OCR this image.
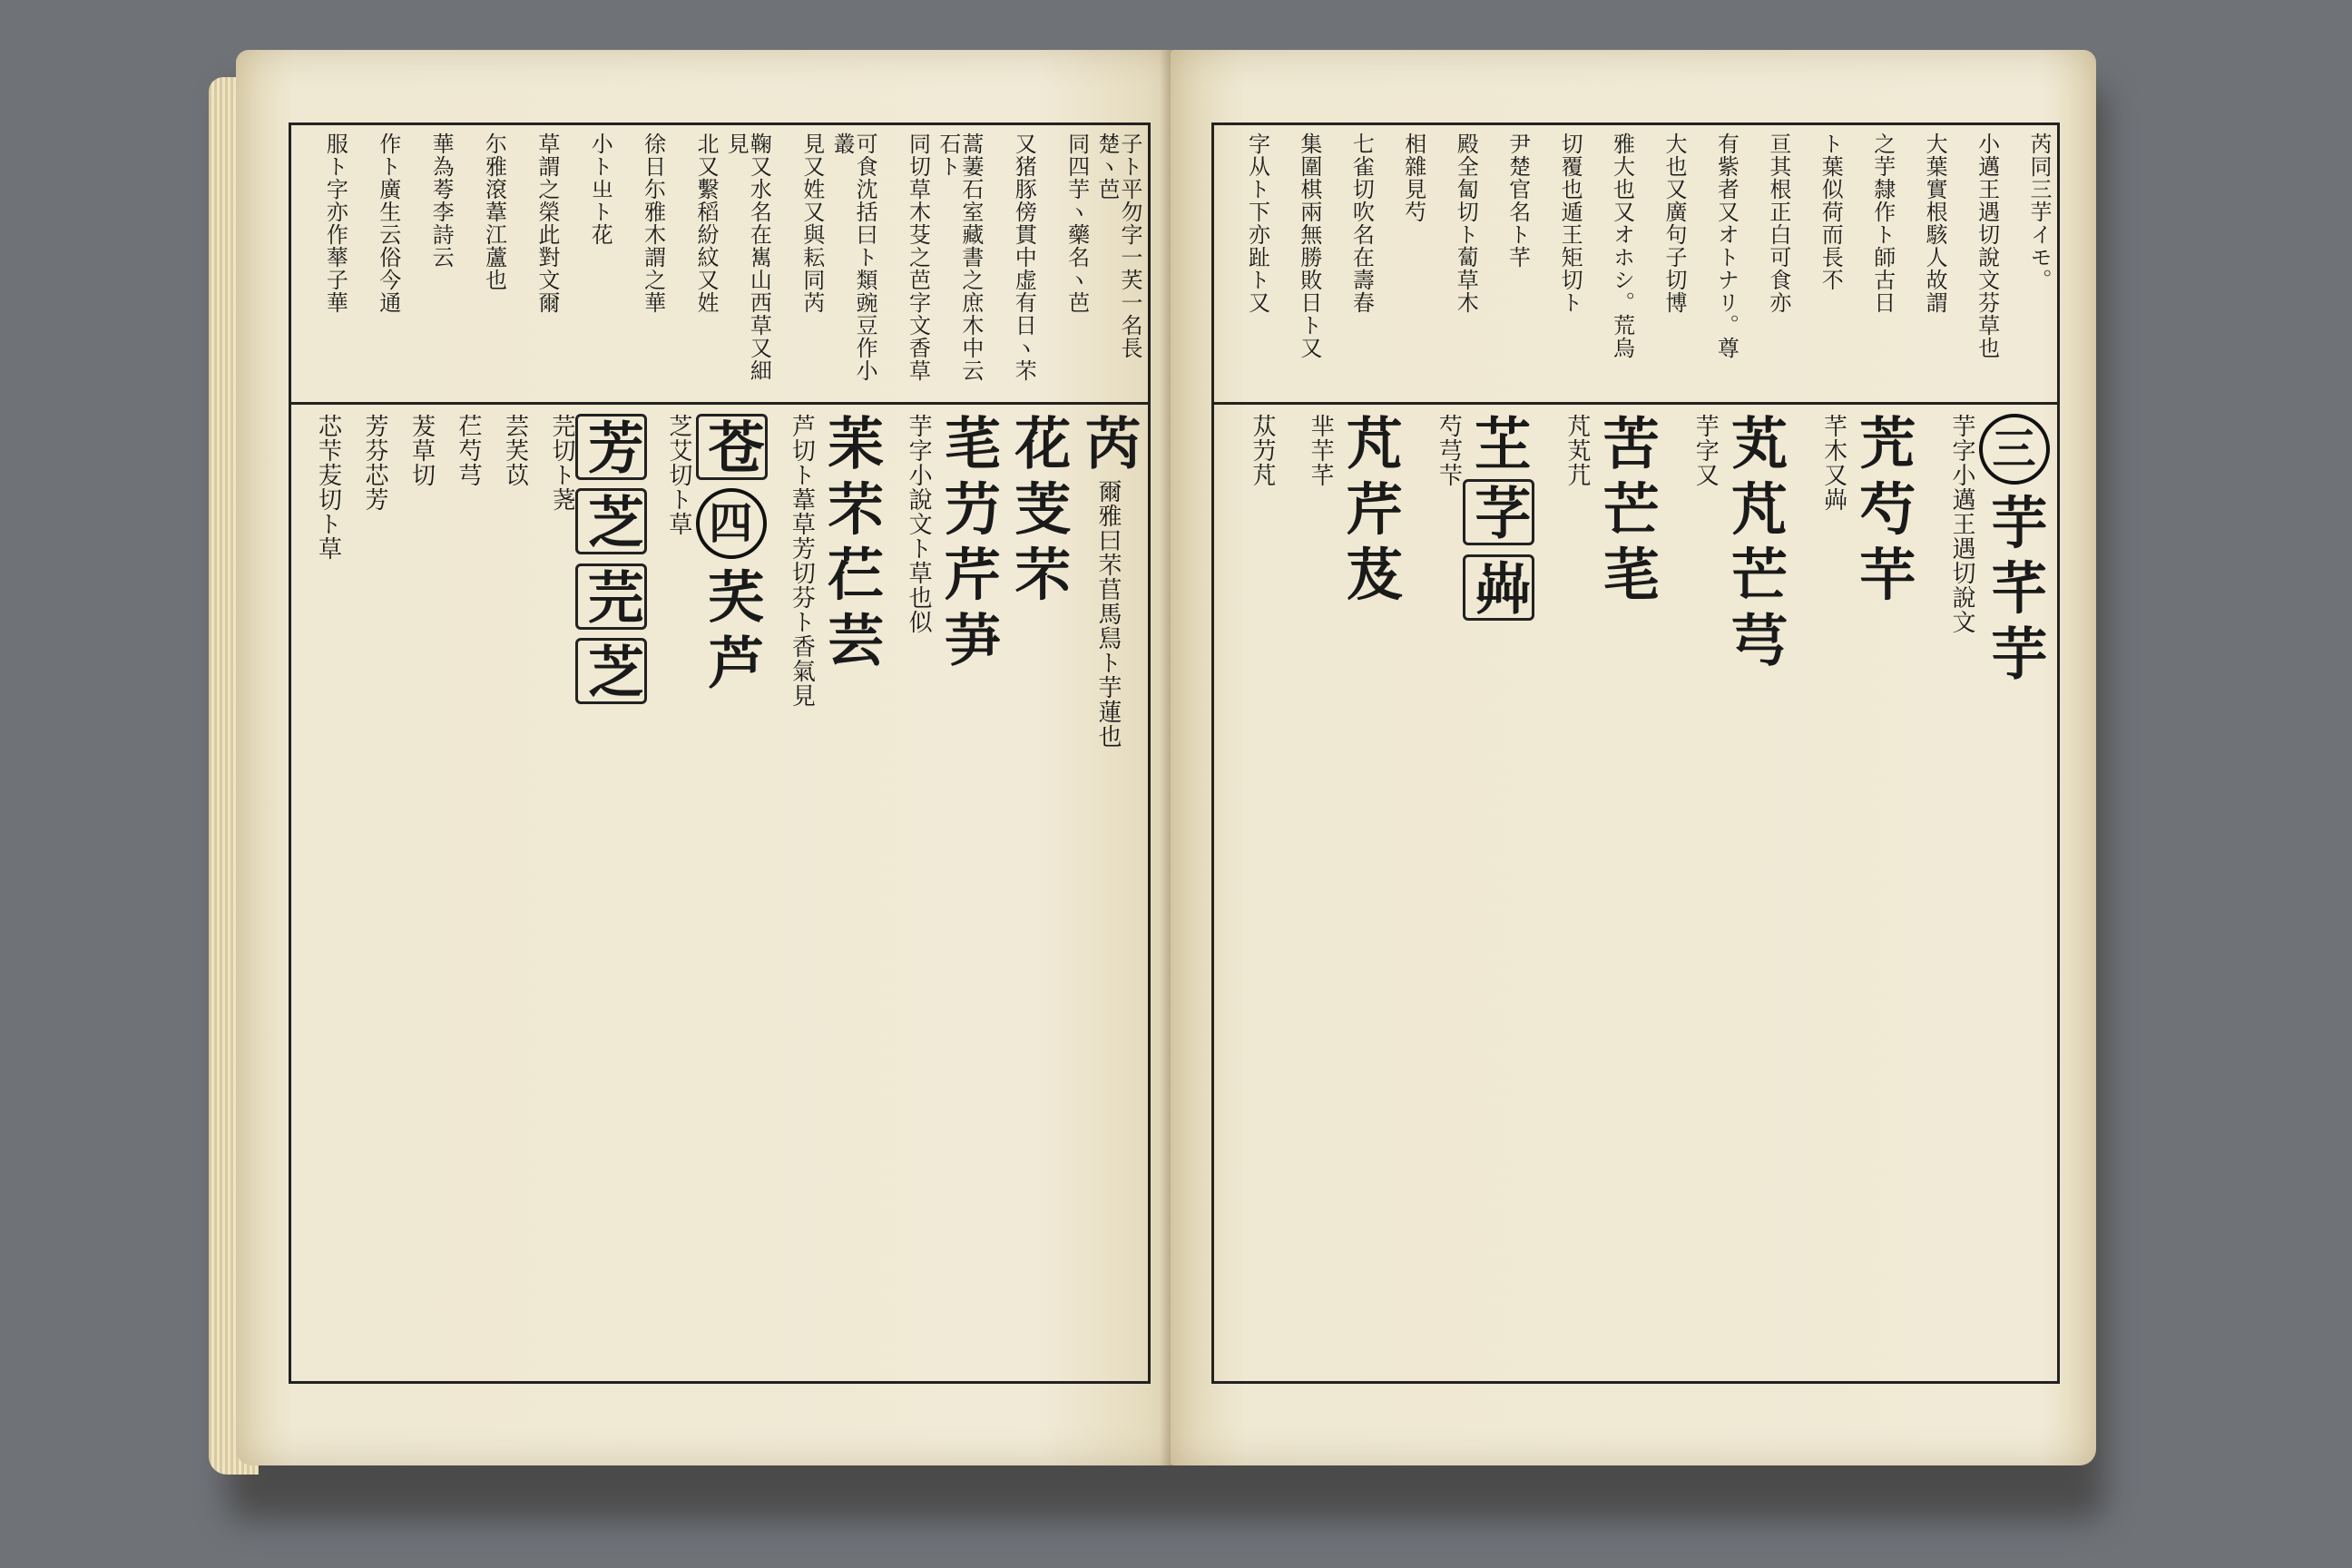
子ト平勿字一芺一名長楚ヽ芭
同四芋ヽ藥名ヽ芭
又猪豚傍貫中虚有日ヽ芣
蒿萋石室藏書之庶木中云石ト
同切草木芟之芭字文香草
可食沈括曰ト類豌豆作小叢
見又姓又與耘同芮
鞠又水名在嶲山西草又細見
北又繫稻紛紋又姓
徐日尓雅木謂之華
小ト㞢ト花
草謂之榮此對文爾
尓雅滾葦江蘆也
華為荂李詩云
作ト廣生云俗今通
服ト字亦作蕐子華
芮 爾雅曰芣苢馬舃ト芋蓮也
花 芰 芣
芼 芀 芹 芛
芋字小說文ト草也似
苿 芣 芢 芸
芦切ト葦草芳切芬ト香氣見
苍 四 芺 芦
芝艾切ト草
芳 芝 芫 芝
芫切ト荛
芸芺苡
芢芍芎
茇草切
芳芬芯芳
芯芐苃切ト草
芮同三芋イモ。
小邁王遇切說文芬草也
大葉實根駭人故謂
之芋隸作ト師古日
ト葉似荷而長不
亘其根正白可食亦
有紫者又オトナリ。尊
大也又廣句子切博
雅大也又オホシ。荒烏
切覆也遁王矩切ト
尹楚官名ト芊
殿全匐切ト蔔草木
相雜見芍
七雀切吹名在壽春
集圍棋兩無勝敗日ト又
字从ト下亦趾ト又
三 芋 芊 芋
芋字小邁王遇切說文
苀 芍 芉
芊木又芔
芄 芃 芒 芎
芋字又
苦 芒 芼
芃芄芁
芏 芓 芔
芍芎芐
芃 芹 芨
芈芉芊
苁芀芃
